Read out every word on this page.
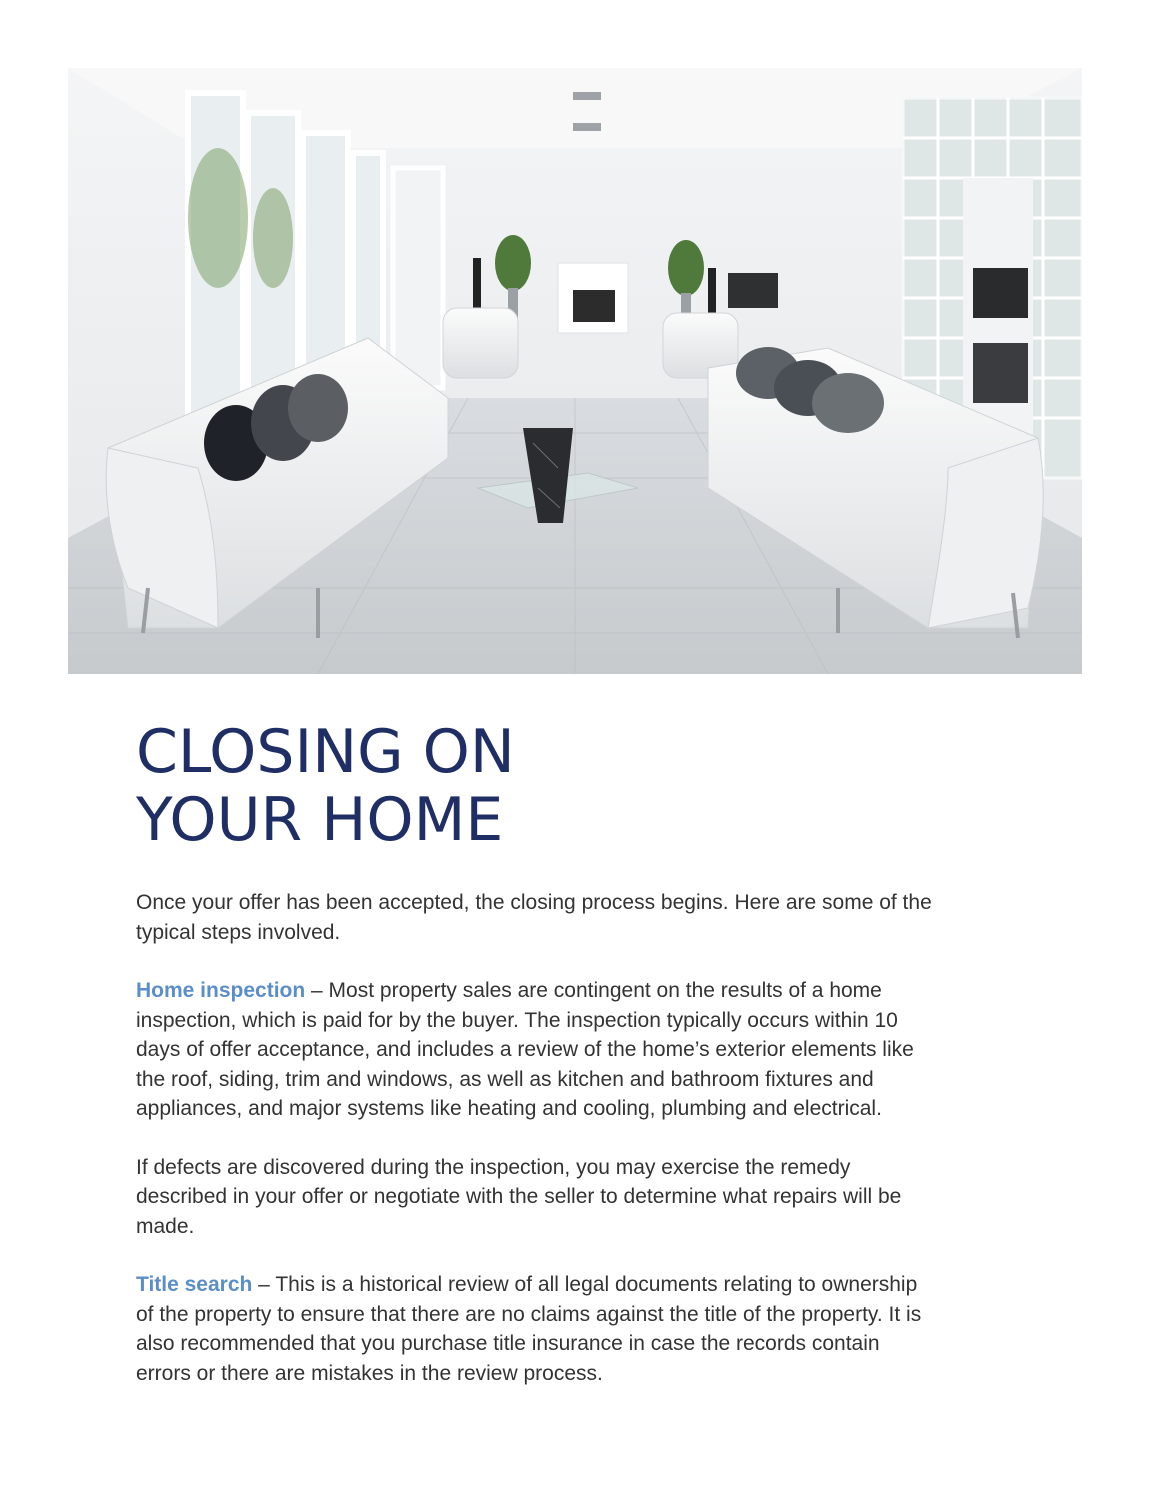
CLOSING ON
YOUR HOME

Once your offer has been accepted, the closing process begins. Here are some of the typical steps involved.

Home inspection – Most property sales are contingent on the results of a home inspection, which is paid for by the buyer. The inspection typically occurs within 10 days of offer acceptance, and includes a review of the home’s exterior elements like the roof, siding, trim and windows, as well as kitchen and bathroom fixtures and appliances, and major systems like heating and cooling, plumbing and electrical.

If defects are discovered during the inspection, you may exercise the remedy described in your offer or negotiate with the seller to determine what repairs will be made.

Title search – This is a historical review of all legal documents relating to ownership of the property to ensure that there are no claims against the title of the property. It is also recommended that you purchase title insurance in case the records contain errors or there are mistakes in the review process.
